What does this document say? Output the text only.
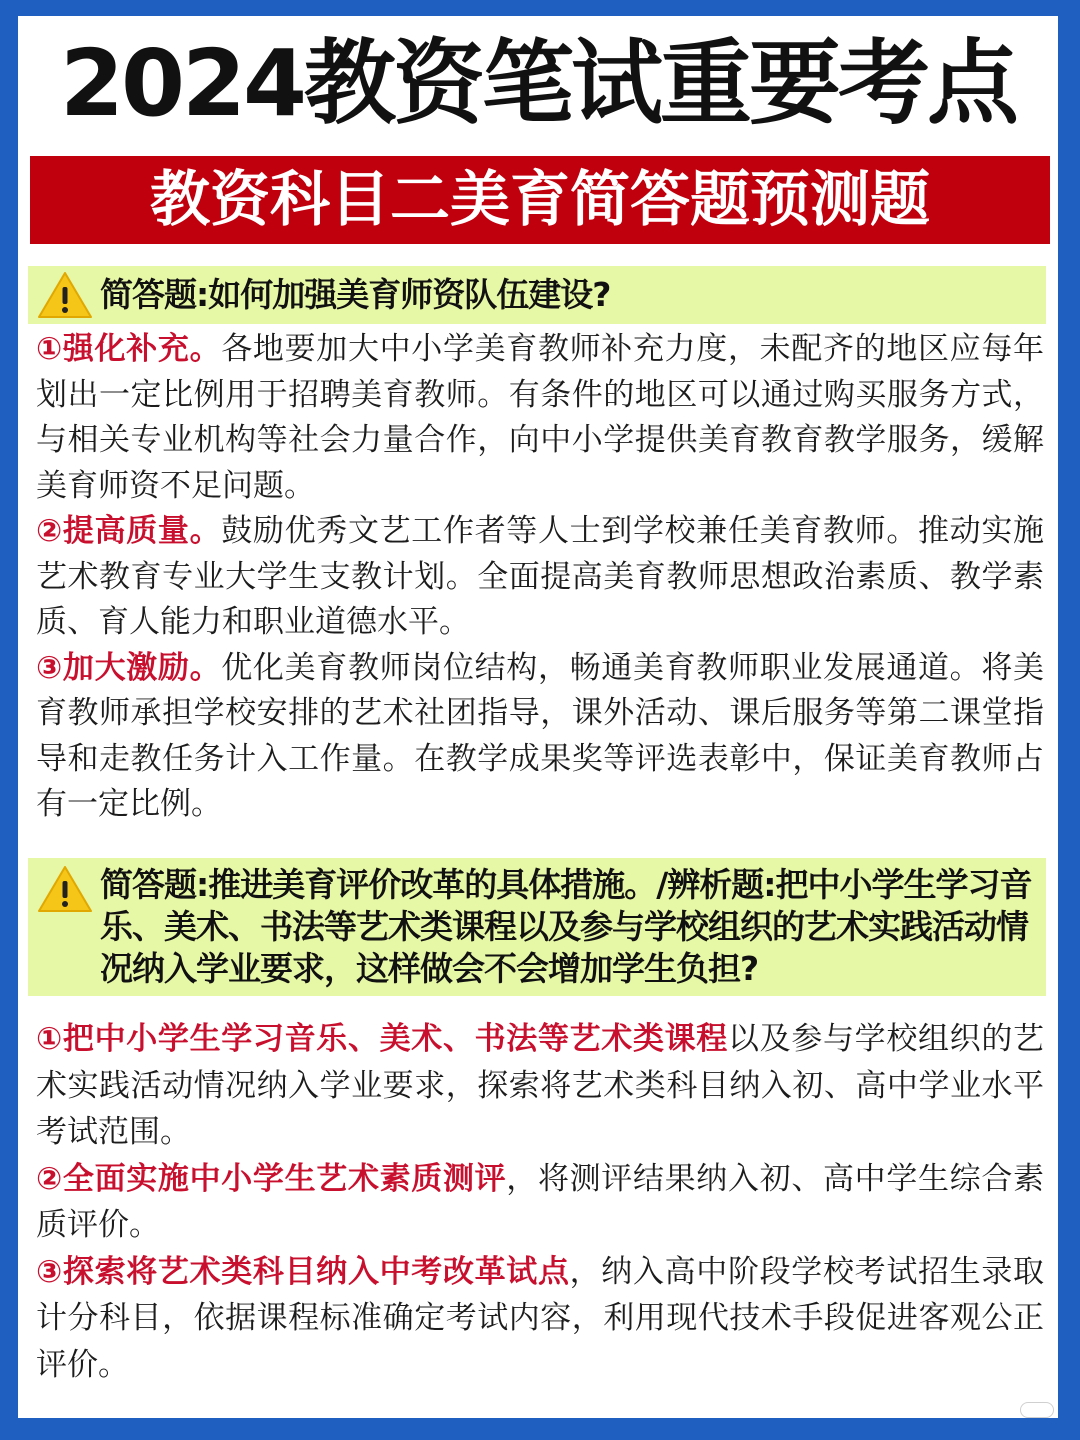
2024教资笔试重要考点
教资科目二美育简答题预测题
简答题:如何加强美育师资队伍建设?

①强化补充。各地要加大中小学美育教师补充力度，未配齐的地区应每年划出一定比例用于招聘美育教师。有条件的地区可以通过购买服务方式，与相关专业机构等社会力量合作，向中小学提供美育教育教学服务，缓解美育师资不足问题。

②提高质量。鼓励优秀文艺工作者等人士到学校兼任美育教师。推动实施艺术教育专业大学生支教计划。全面提高美育教师思想政治素质、教学素质、育人能力和职业道德水平。

③加大激励。优化美育教师岗位结构，畅通美育教师职业发展通道。将美育教师承担学校安排的艺术社团指导，课外活动、课后服务等第二课堂指导和走教任务计入工作量。在教学成果奖等评选表彰中，保证美育教师占有一定比例。

简答题:推进美育评价改革的具体措施。/辨析题:把中小学生学习音乐、美术、书法等艺术类课程以及参与学校组织的艺术实践活动情况纳入学业要求，这样做会不会增加学生负担?

①把中小学生学习音乐、美术、书法等艺术类课程以及参与学校组织的艺术实践活动情况纳入学业要求，探索将艺术类科目纳入初、高中学业水平考试范围。

②全面实施中小学生艺术素质测评，将测评结果纳入初、高中学生综合素质评价。

③探索将艺术类科目纳入中考改革试点，纳入高中阶段学校考试招生录取计分科目，依据课程标准确定考试内容，利用现代技术手段促进客观公正评价。
